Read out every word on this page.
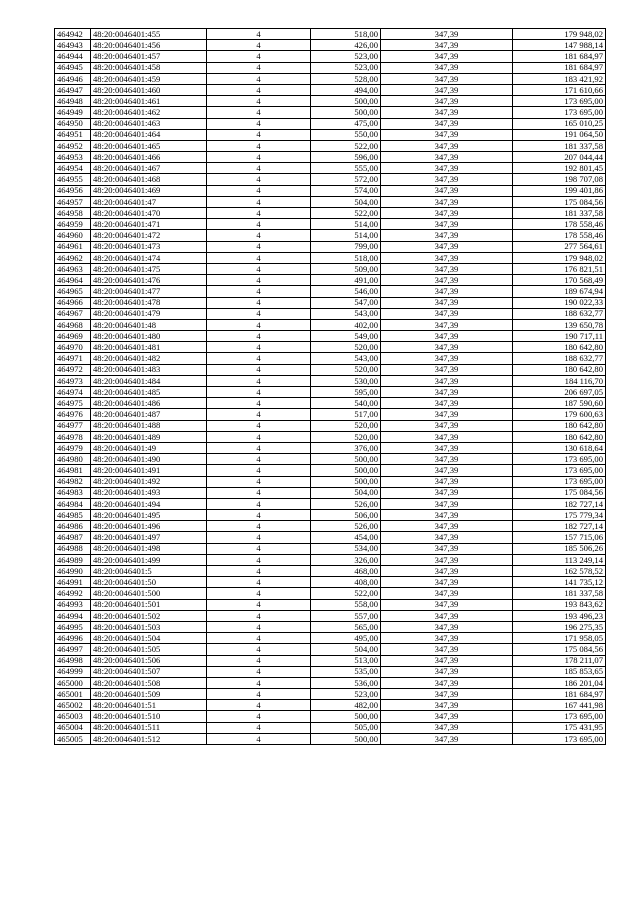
464942	48:20:0046401:455	4	518,00	347,39	179 948,02
464943	48:20:0046401:456	4	426,00	347,39	147 988,14
464944	48:20:0046401:457	4	523,00	347,39	181 684,97
464945	48:20:0046401:458	4	523,00	347,39	181 684,97
464946	48:20:0046401:459	4	528,00	347,39	183 421,92
464947	48:20:0046401:460	4	494,00	347,39	171 610,66
464948	48:20:0046401:461	4	500,00	347,39	173 695,00
464949	48:20:0046401:462	4	500,00	347,39	173 695,00
464950	48:20:0046401:463	4	475,00	347,39	165 010,25
464951	48:20:0046401:464	4	550,00	347,39	191 064,50
464952	48:20:0046401:465	4	522,00	347,39	181 337,58
464953	48:20:0046401:466	4	596,00	347,39	207 044,44
464954	48:20:0046401:467	4	555,00	347,39	192 801,45
464955	48:20:0046401:468	4	572,00	347,39	198 707,08
464956	48:20:0046401:469	4	574,00	347,39	199 401,86
464957	48:20:0046401:47	4	504,00	347,39	175 084,56
464958	48:20:0046401:470	4	522,00	347,39	181 337,58
464959	48:20:0046401:471	4	514,00	347,39	178 558,46
464960	48:20:0046401:472	4	514,00	347,39	178 558,46
464961	48:20:0046401:473	4	799,00	347,39	277 564,61
464962	48:20:0046401:474	4	518,00	347,39	179 948,02
464963	48:20:0046401:475	4	509,00	347,39	176 821,51
464964	48:20:0046401:476	4	491,00	347,39	170 568,49
464965	48:20:0046401:477	4	546,00	347,39	189 674,94
464966	48:20:0046401:478	4	547,00	347,39	190 022,33
464967	48:20:0046401:479	4	543,00	347,39	188 632,77
464968	48:20:0046401:48	4	402,00	347,39	139 650,78
464969	48:20:0046401:480	4	549,00	347,39	190 717,11
464970	48:20:0046401:481	4	520,00	347,39	180 642,80
464971	48:20:0046401:482	4	543,00	347,39	188 632,77
464972	48:20:0046401:483	4	520,00	347,39	180 642,80
464973	48:20:0046401:484	4	530,00	347,39	184 116,70
464974	48:20:0046401:485	4	595,00	347,39	206 697,05
464975	48:20:0046401:486	4	540,00	347,39	187 590,60
464976	48:20:0046401:487	4	517,00	347,39	179 600,63
464977	48:20:0046401:488	4	520,00	347,39	180 642,80
464978	48:20:0046401:489	4	520,00	347,39	180 642,80
464979	48:20:0046401:49	4	376,00	347,39	130 618,64
464980	48:20:0046401:490	4	500,00	347,39	173 695,00
464981	48:20:0046401:491	4	500,00	347,39	173 695,00
464982	48:20:0046401:492	4	500,00	347,39	173 695,00
464983	48:20:0046401:493	4	504,00	347,39	175 084,56
464984	48:20:0046401:494	4	526,00	347,39	182 727,14
464985	48:20:0046401:495	4	506,00	347,39	175 779,34
464986	48:20:0046401:496	4	526,00	347,39	182 727,14
464987	48:20:0046401:497	4	454,00	347,39	157 715,06
464988	48:20:0046401:498	4	534,00	347,39	185 506,26
464989	48:20:0046401:499	4	326,00	347,39	113 249,14
464990	48:20:0046401:5	4	468,00	347,39	162 578,52
464991	48:20:0046401:50	4	408,00	347,39	141 735,12
464992	48:20:0046401:500	4	522,00	347,39	181 337,58
464993	48:20:0046401:501	4	558,00	347,39	193 843,62
464994	48:20:0046401:502	4	557,00	347,39	193 496,23
464995	48:20:0046401:503	4	565,00	347,39	196 275,35
464996	48:20:0046401:504	4	495,00	347,39	171 958,05
464997	48:20:0046401:505	4	504,00	347,39	175 084,56
464998	48:20:0046401:506	4	513,00	347,39	178 211,07
464999	48:20:0046401:507	4	535,00	347,39	185 853,65
465000	48:20:0046401:508	4	536,00	347,39	186 201,04
465001	48:20:0046401:509	4	523,00	347,39	181 684,97
465002	48:20:0046401:51	4	482,00	347,39	167 441,98
465003	48:20:0046401:510	4	500,00	347,39	173 695,00
465004	48:20:0046401:511	4	505,00	347,39	175 431,95
465005	48:20:0046401:512	4	500,00	347,39	173 695,00
